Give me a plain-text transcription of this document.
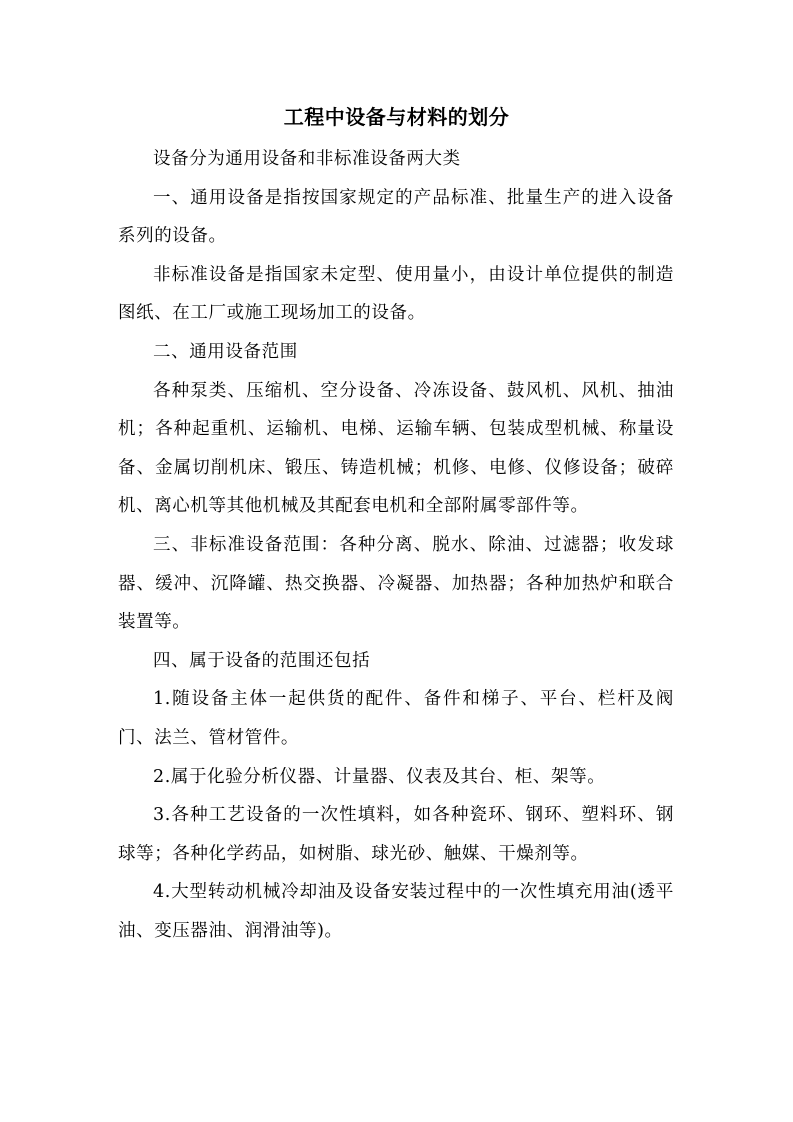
工程中设备与材料的划分

设备分为通用设备和非标准设备两大类

一、通用设备是指按国家规定的产品标准、批量生产的进入设备系列的设备。

非标准设备是指国家未定型、使用量小，由设计单位提供的制造图纸、在工厂或施工现场加工的设备。

二、通用设备范围

各种泵类、压缩机、空分设备、冷冻设备、鼓风机、风机、抽油机；各种起重机、运输机、电梯、运输车辆、包装成型机械、称量设备、金属切削机床、锻压、铸造机械；机修、电修、仪修设备；破碎机、离心机等其他机械及其配套电机和全部附属零部件等。

三、非标准设备范围：各种分离、脱水、除油、过滤器；收发球器、缓冲、沉降罐、热交换器、冷凝器、加热器；各种加热炉和联合装置等。

四、属于设备的范围还包括

1.随设备主体一起供货的配件、备件和梯子、平台、栏杆及阀门、法兰、管材管件。

2.属于化验分析仪器、计量器、仪表及其台、柜、架等。

3.各种工艺设备的一次性填料，如各种瓷环、钢环、塑料环、钢球等；各种化学药品，如树脂、球光砂、触媒、干燥剂等。

4.大型转动机械冷却油及设备安装过程中的一次性填充用油(透平油、变压器油、润滑油等)。
